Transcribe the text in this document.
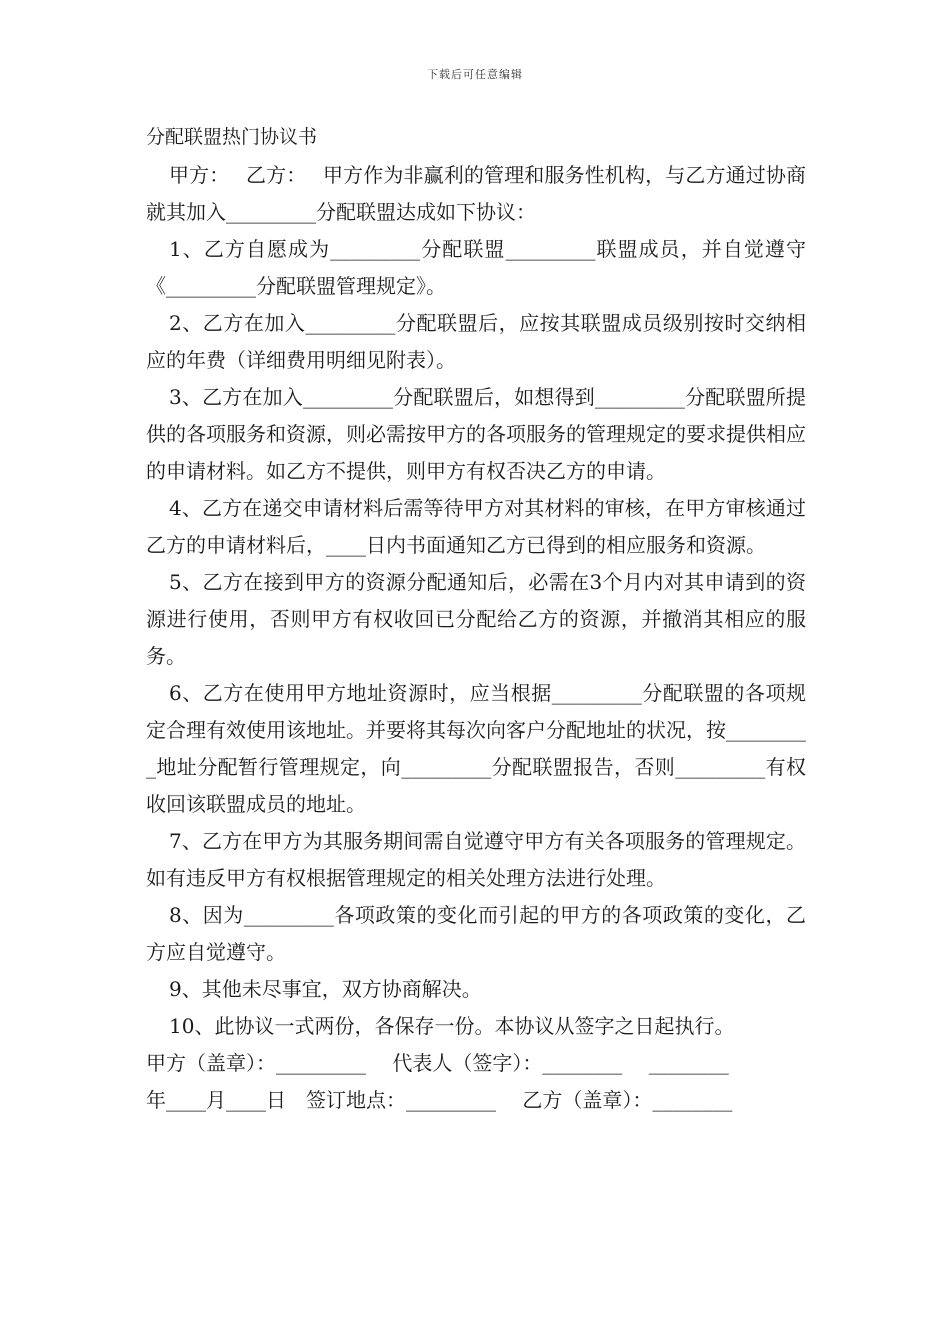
下载后可任意编辑
分配联盟热门协议书

甲方：　 乙方：　 甲方作为非赢利的管理和服务性机构，与乙方通过协商就其加入_________分配联盟达成如下协议：

1、乙方自愿成为_________分配联盟_________联盟成员，并自觉遵守《_________分配联盟管理规定》。

2、乙方在加入_________分配联盟后，应按其联盟成员级别按时交纳相应的年费（详细费用明细见附表）。

3、乙方在加入_________分配联盟后，如想得到_________分配联盟所提供的各项服务和资源，则必需按甲方的各项服务的管理规定的要求提供相应的申请材料。如乙方不提供，则甲方有权否决乙方的申请。

4、乙方在递交申请材料后需等待甲方对其材料的审核，在甲方审核通过乙方的申请材料后，____日内书面通知乙方已得到的相应服务和资源。

5、乙方在接到甲方的资源分配通知后，必需在3个月内对其申请到的资源进行使用，否则甲方有权收回已分配给乙方的资源，并撤消其相应的服务。

6、乙方在使用甲方地址资源时，应当根据_________分配联盟的各项规定合理有效使用该地址。并要将其每次向客户分配地址的状况，按_________地址分配暂行管理规定，向_________分配联盟报告，否则_________有权收回该联盟成员的地址。

7、乙方在甲方为其服务期间需自觉遵守甲方有关各项服务的管理规定。如有违反甲方有权根据管理规定的相关处理方法进行处理。

8、因为_________各项政策的变化而引起的甲方的各项政策的变化，乙方应自觉遵守。

9、其他未尽事宜，双方协商解决。

10、此协议一式两份，各保存一份。本协议从签字之日起执行。

甲方（盖章）：_________　 代表人（签字）：________　 ________
年____月____日　签订地点：_________　 乙方（盖章）：________
